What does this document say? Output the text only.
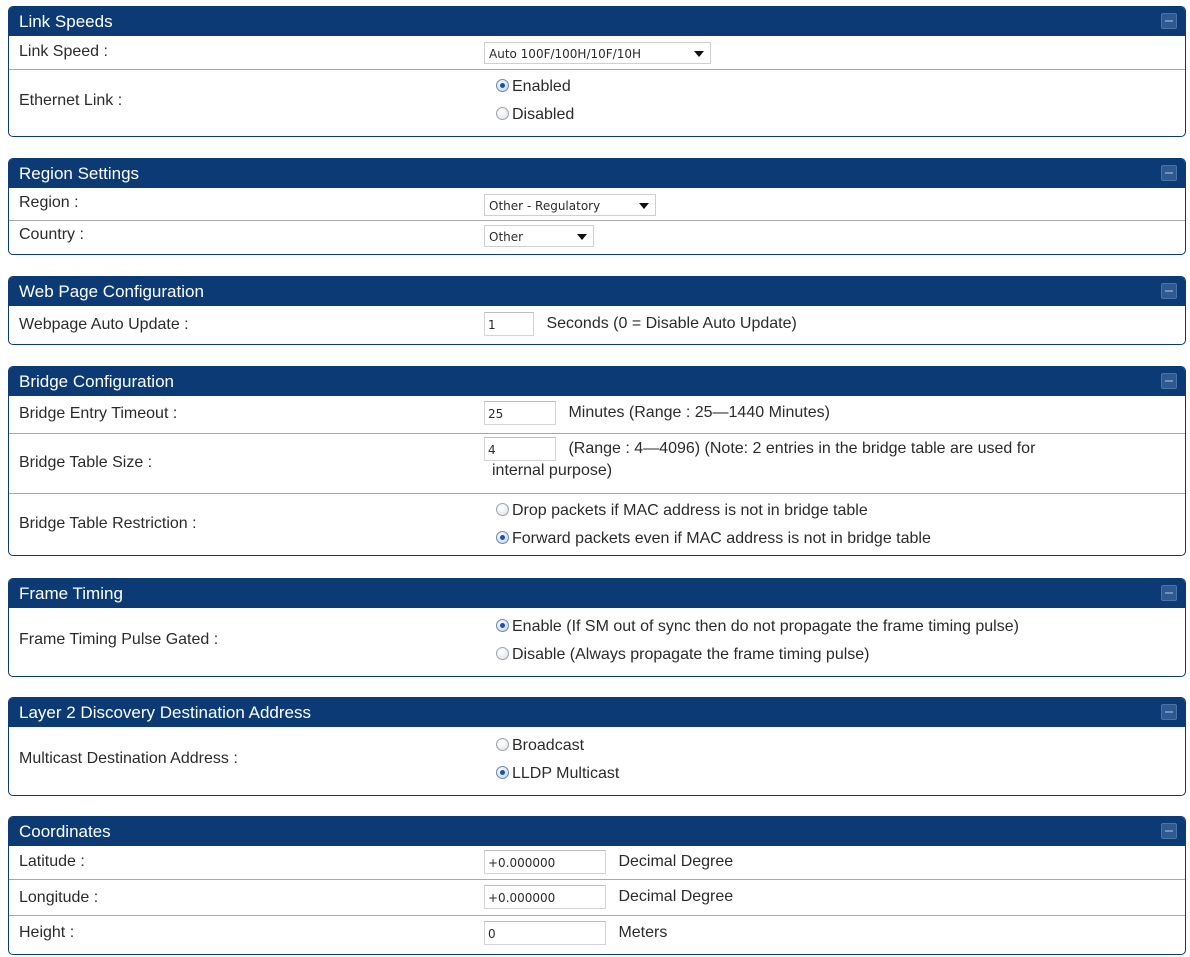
Link Speeds
Link Speed :	Auto 100F/100H/10F/10H
Ethernet Link :
Enabled
Disabled
Region Settings
Region :	Other - Regulatory
Country :	Other
Web Page Configuration
Webpage Auto Update :	1	Seconds (0 = Disable Auto Update)
Bridge Configuration
Bridge Entry Timeout :	25	Minutes (Range : 25—1440 Minutes)
Bridge Table Size :
4	(Range : 4—4096) (Note: 2 entries in the bridge table are used for
internal purpose)
Bridge Table Restriction :
Drop packets if MAC address is not in bridge table
Forward packets even if MAC address is not in bridge table
Frame Timing
Frame Timing Pulse Gated :
Enable (If SM out of sync then do not propagate the frame timing pulse)
Disable (Always propagate the frame timing pulse)
Layer 2 Discovery Destination Address
Multicast Destination Address :
Broadcast
LLDP Multicast
Coordinates
Latitude :	+0.000000	Decimal Degree
Longitude :	+0.000000	Decimal Degree
Height :	0	Meters
